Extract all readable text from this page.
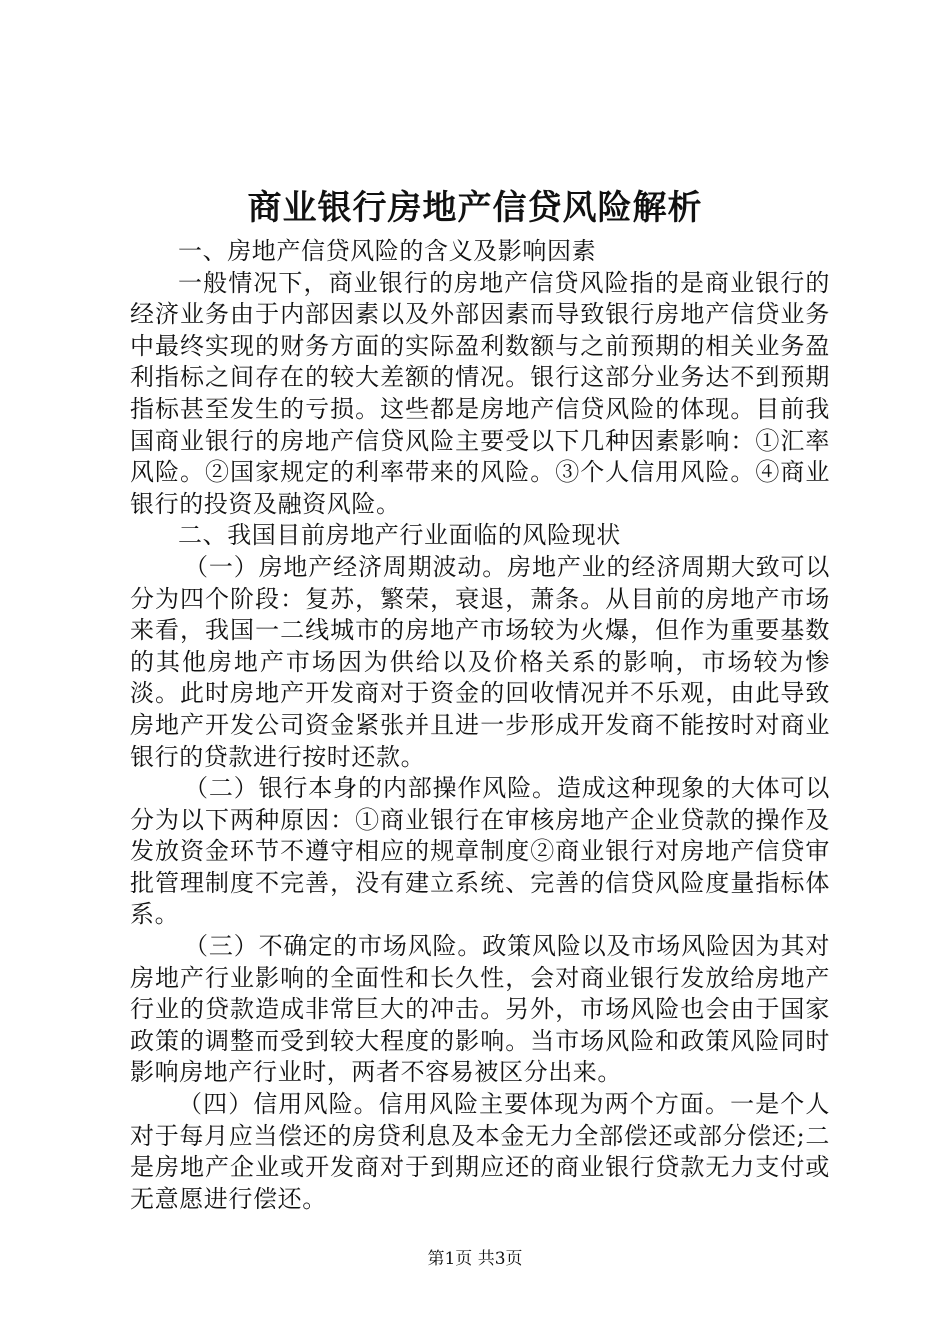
商业银行房地产信贷风险解析

一、房地产信贷风险的含义及影响因素

一般情况下，商业银行的房地产信贷风险指的是商业银行的经济业务由于内部因素以及外部因素而导致银行房地产信贷业务中最终实现的财务方面的实际盈利数额与之前预期的相关业务盈利指标之间存在的较大差额的情况。银行这部分业务达不到预期指标甚至发生的亏损。这些都是房地产信贷风险的体现。目前我国商业银行的房地产信贷风险主要受以下几种因素影响：①汇率风险。②国家规定的利率带来的风险。③个人信用风险。④商业银行的投资及融资风险。

二、我国目前房地产行业面临的风险现状

（一）房地产经济周期波动。房地产业的经济周期大致可以分为四个阶段：复苏，繁荣，衰退，萧条。从目前的房地产市场来看，我国一二线城市的房地产市场较为火爆，但作为重要基数的其他房地产市场因为供给以及价格关系的影响，市场较为惨淡。此时房地产开发商对于资金的回收情况并不乐观，由此导致房地产开发公司资金紧张并且进一步形成开发商不能按时对商业银行的贷款进行按时还款。

（二）银行本身的内部操作风险。造成这种现象的大体可以分为以下两种原因：①商业银行在审核房地产企业贷款的操作及发放资金环节不遵守相应的规章制度②商业银行对房地产信贷审批管理制度不完善，没有建立系统、完善的信贷风险度量指标体系。

（三）不确定的市场风险。政策风险以及市场风险因为其对房地产行业影响的全面性和长久性，会对商业银行发放给房地产行业的贷款造成非常巨大的冲击。另外，市场风险也会由于国家政策的调整而受到较大程度的影响。当市场风险和政策风险同时影响房地产行业时，两者不容易被区分出来。

（四）信用风险。信用风险主要体现为两个方面。一是个人对于每月应当偿还的房贷利息及本金无力全部偿还或部分偿还;二是房地产企业或开发商对于到期应还的商业银行贷款无力支付或无意愿进行偿还。

第1页 共3页
